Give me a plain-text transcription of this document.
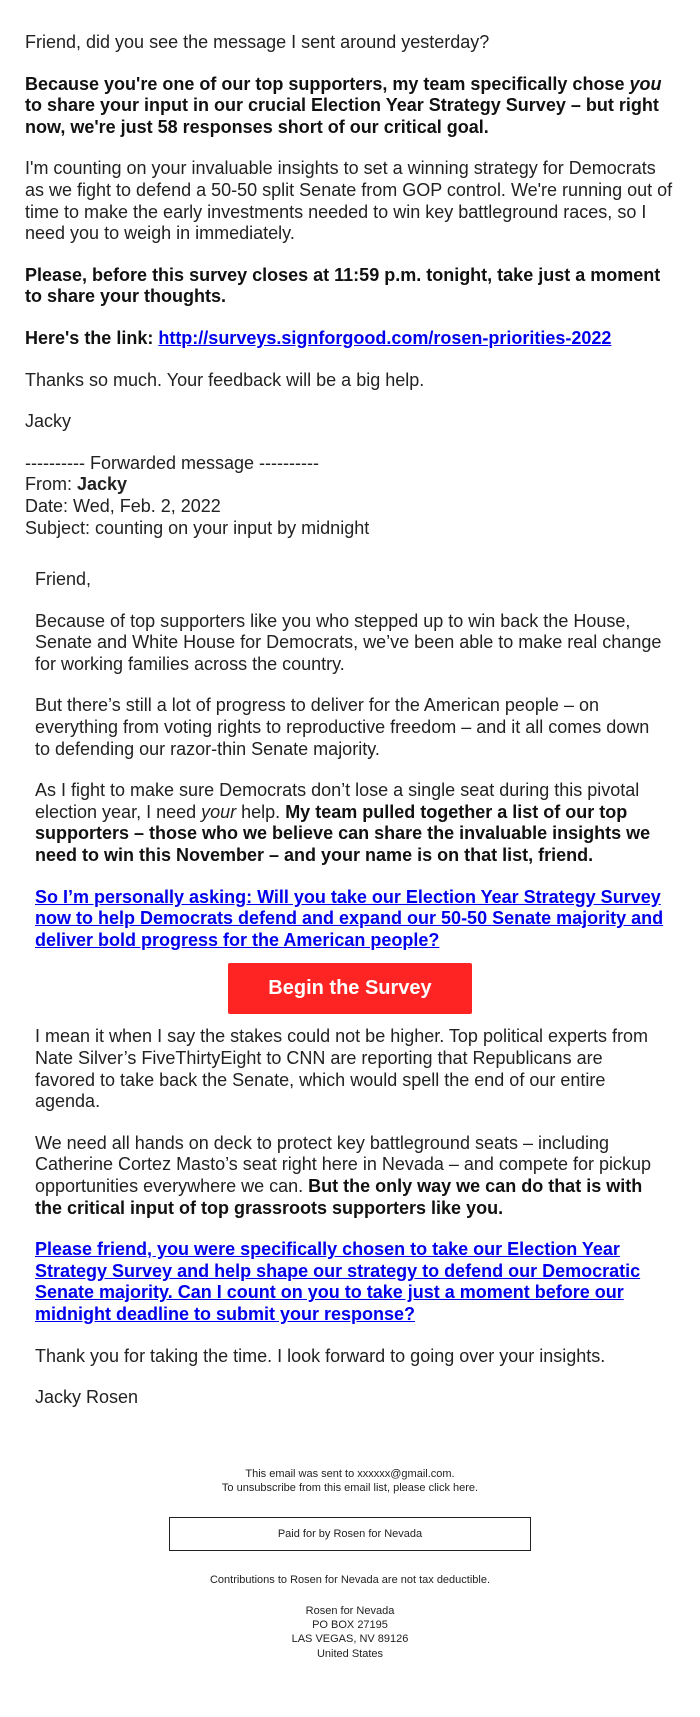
Friend, did you see the message I sent around yesterday?

Because you're one of our top supporters, my team specifically chose you to share your input in our crucial Election Year Strategy Survey – but right now, we're just 58 responses short of our critical goal.

I'm counting on your invaluable insights to set a winning strategy for Democrats as we fight to defend a 50-50 split Senate from GOP control. We're running out of time to make the early investments needed to win key battleground races, so I need you to weigh in immediately.

Please, before this survey closes at 11:59 p.m. tonight, take just a moment to share your thoughts.

Here's the link: http://surveys.signforgood.com/rosen-priorities-2022

Thanks so much. Your feedback will be a big help.

Jacky

---------- Forwarded message ----------
From: Jacky
Date: Wed, Feb. 2, 2022
Subject: counting on your input by midnight

Friend,

Because of top supporters like you who stepped up to win back the House, Senate and White House for Democrats, we’ve been able to make real change for working families across the country.

But there’s still a lot of progress to deliver for the American people – on everything from voting rights to reproductive freedom – and it all comes down to defending our razor-thin Senate majority.

As I fight to make sure Democrats don’t lose a single seat during this pivotal election year, I need your help. My team pulled together a list of our top supporters – those who we believe can share the invaluable insights we need to win this November – and your name is on that list, friend.

So I’m personally asking: Will you take our Election Year Strategy Survey now to help Democrats defend and expand our 50-50 Senate majority and deliver bold progress for the American people?
Begin the Survey

I mean it when I say the stakes could not be higher. Top political experts from Nate Silver’s FiveThirtyEight to CNN are reporting that Republicans are favored to take back the Senate, which would spell the end of our entire agenda.

We need all hands on deck to protect key battleground seats – including Catherine Cortez Masto’s seat right here in Nevada – and compete for pickup opportunities everywhere we can. But the only way we can do that is with the critical input of top grassroots supporters like you.

Please friend, you were specifically chosen to take our Election Year Strategy Survey and help shape our strategy to defend our Democratic Senate majority. Can I count on you to take just a moment before our midnight deadline to submit your response?

Thank you for taking the time. I look forward to going over your insights.

Jacky Rosen

This email was sent to xxxxxx@gmail.com.
To unsubscribe from this email list, please click here.
Paid for by Rosen for Nevada
Contributions to Rosen for Nevada are not tax deductible.
Rosen for Nevada
PO BOX 27195
LAS VEGAS, NV 89126
United States
